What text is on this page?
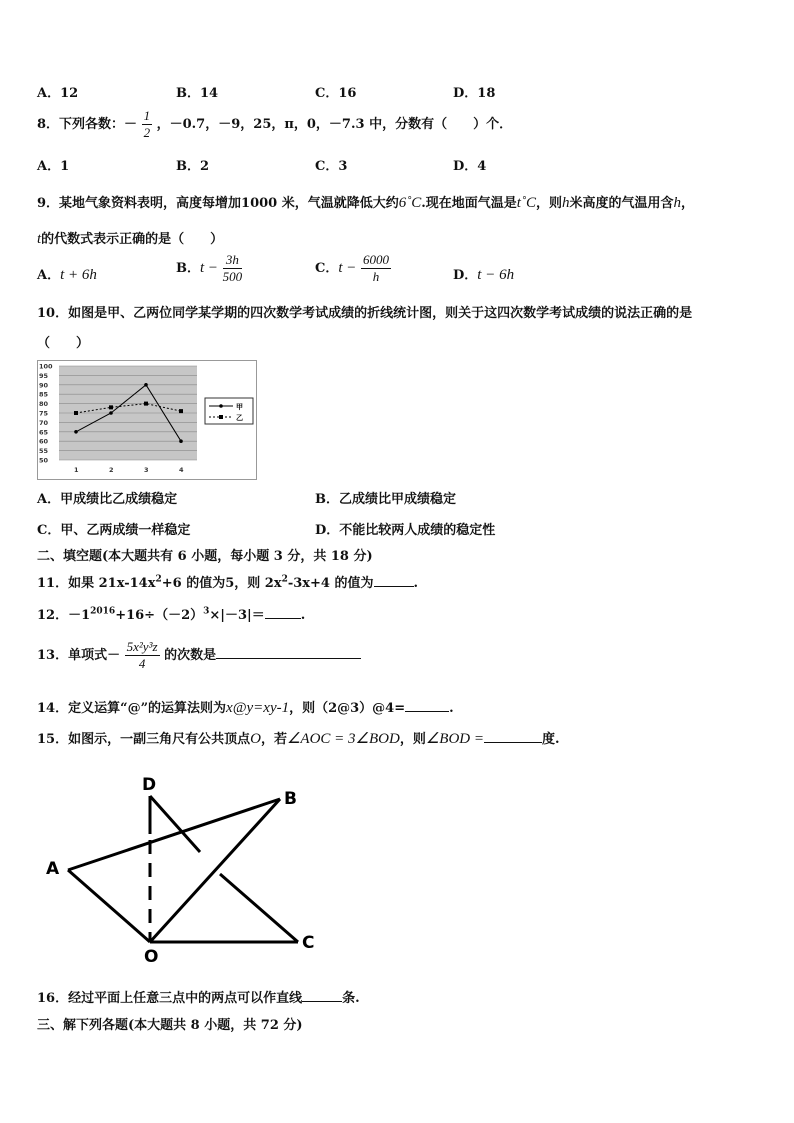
A．12	B．14	C．16	D．18
8．下列各数：－ $\frac{1}{2}$ ，－0.7，－9，25，π，0，－7.3 中，分数有（　　）个．
A．1	B．2	C．3	D．4
9．某地气象资料表明，高度每增加1000 米，气温就降低大约6˚C.现在地面气温是t˚C，则h米高度的气温用含h，
t的代数式表示正确的是（　　）
A．t + 6h	B．$t - \frac{3h}{500}$	C．$t - \frac{6000}{h}$	D．t − 6h
10．如图是甲、乙两位同学某学期的四次数学考试成绩的折线统计图，则关于这四次数学考试成绩的说法正确的是
（　　）
50
55
60
65
70
75
80
85
90
95
100
1	2	3	4
甲
乙
A．甲成绩比乙成绩稳定	B．乙成绩比甲成绩稳定
C．甲、乙两成绩一样稳定	D．不能比较两人成绩的稳定性
二、填空题(本大题共有 6 小题，每小题 3 分，共 18 分)
11．如果 $21x-14x^2+6$ 的值为5，则 $2x^2-3x+4$ 的值为	.
12．$-1^{2016}+16\div(-2)^3\times|-3|=$	.
13．单项式－ $\frac{\text{5x²y³z}}{4}$ 的次数是
14．定义运算“@”的运算法则为x@y=xy-1，则（2@3）@4=	.
15．如图示，一副三角尺有公共顶点O，若∠AOC = 3∠BOD，则∠BOD =	度.
D
B
A
O
C
16．经过平面上任意三点中的两点可以作直线	条.
三、解下列各题(本大题共 8 小题，共 72 分)
